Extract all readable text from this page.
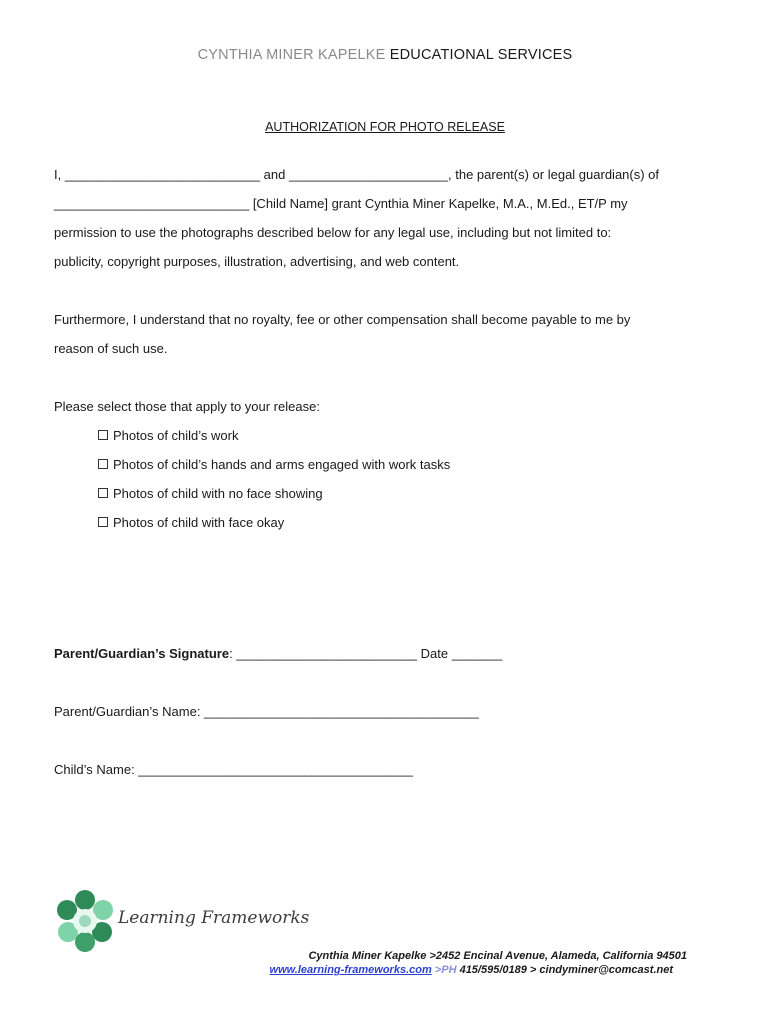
CYNTHIA MINER KAPELKE EDUCATIONAL SERVICES
AUTHORIZATION FOR PHOTO RELEASE
I, ___________________________ and ______________________, the parent(s) or legal guardian(s) of
___________________________ [Child Name] grant Cynthia Miner Kapelke, M.A., M.Ed., ET/P my
permission to use the photographs described below for any legal use, including but not limited to:
publicity, copyright purposes, illustration, advertising, and web content.
Furthermore, I understand that no royalty, fee or other compensation shall become payable to me by
reason of such use.
Please select those that apply to your release:
Photos of child’s work
Photos of child’s hands and arms engaged with work tasks
Photos of child with no face showing
Photos of child with face okay
Parent/Guardian’s Signature: _________________________ Date _______
Parent/Guardian’s Name: ______________________________________
Child’s Name: ______________________________________
Learning Frameworks
Cynthia Miner Kapelke >2452 Encinal Avenue, Alameda, California 94501
www.learning-frameworks.com >PH 415/595/0189 > cindyminer@comcast.net
